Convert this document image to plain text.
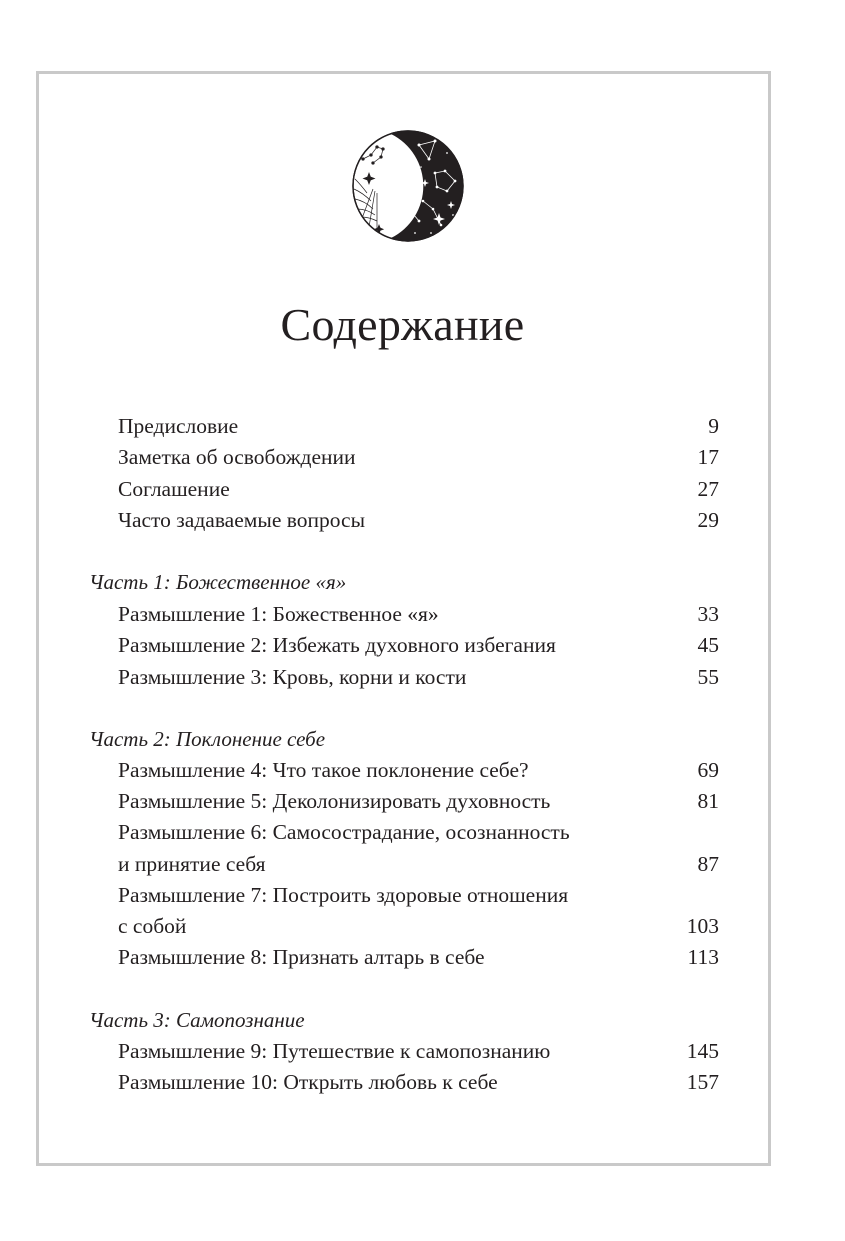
Содержание
Предисловие	9
Заметка об освобождении	17
Соглашение	27
Часто задаваемые вопросы	29
Часть 1: Божественное «я»
Размышление 1: Божественное «я»	33
Размышление 2: Избежать духовного избегания	45
Размышление 3: Кровь, корни и кости	55
Часть 2: Поклонение себе
Размышление 4: Что такое поклонение себе?	69
Размышление 5: Деколонизировать духовность	81
Размышление 6: Самосострадание, осознанность
и принятие себя	87
Размышление 7: Построить здоровые отношения
с собой	103
Размышление 8: Признать алтарь в себе	113
Часть 3: Самопознание
Размышление 9: Путешествие к самопознанию	145
Размышление 10: Открыть любовь к себе	157
